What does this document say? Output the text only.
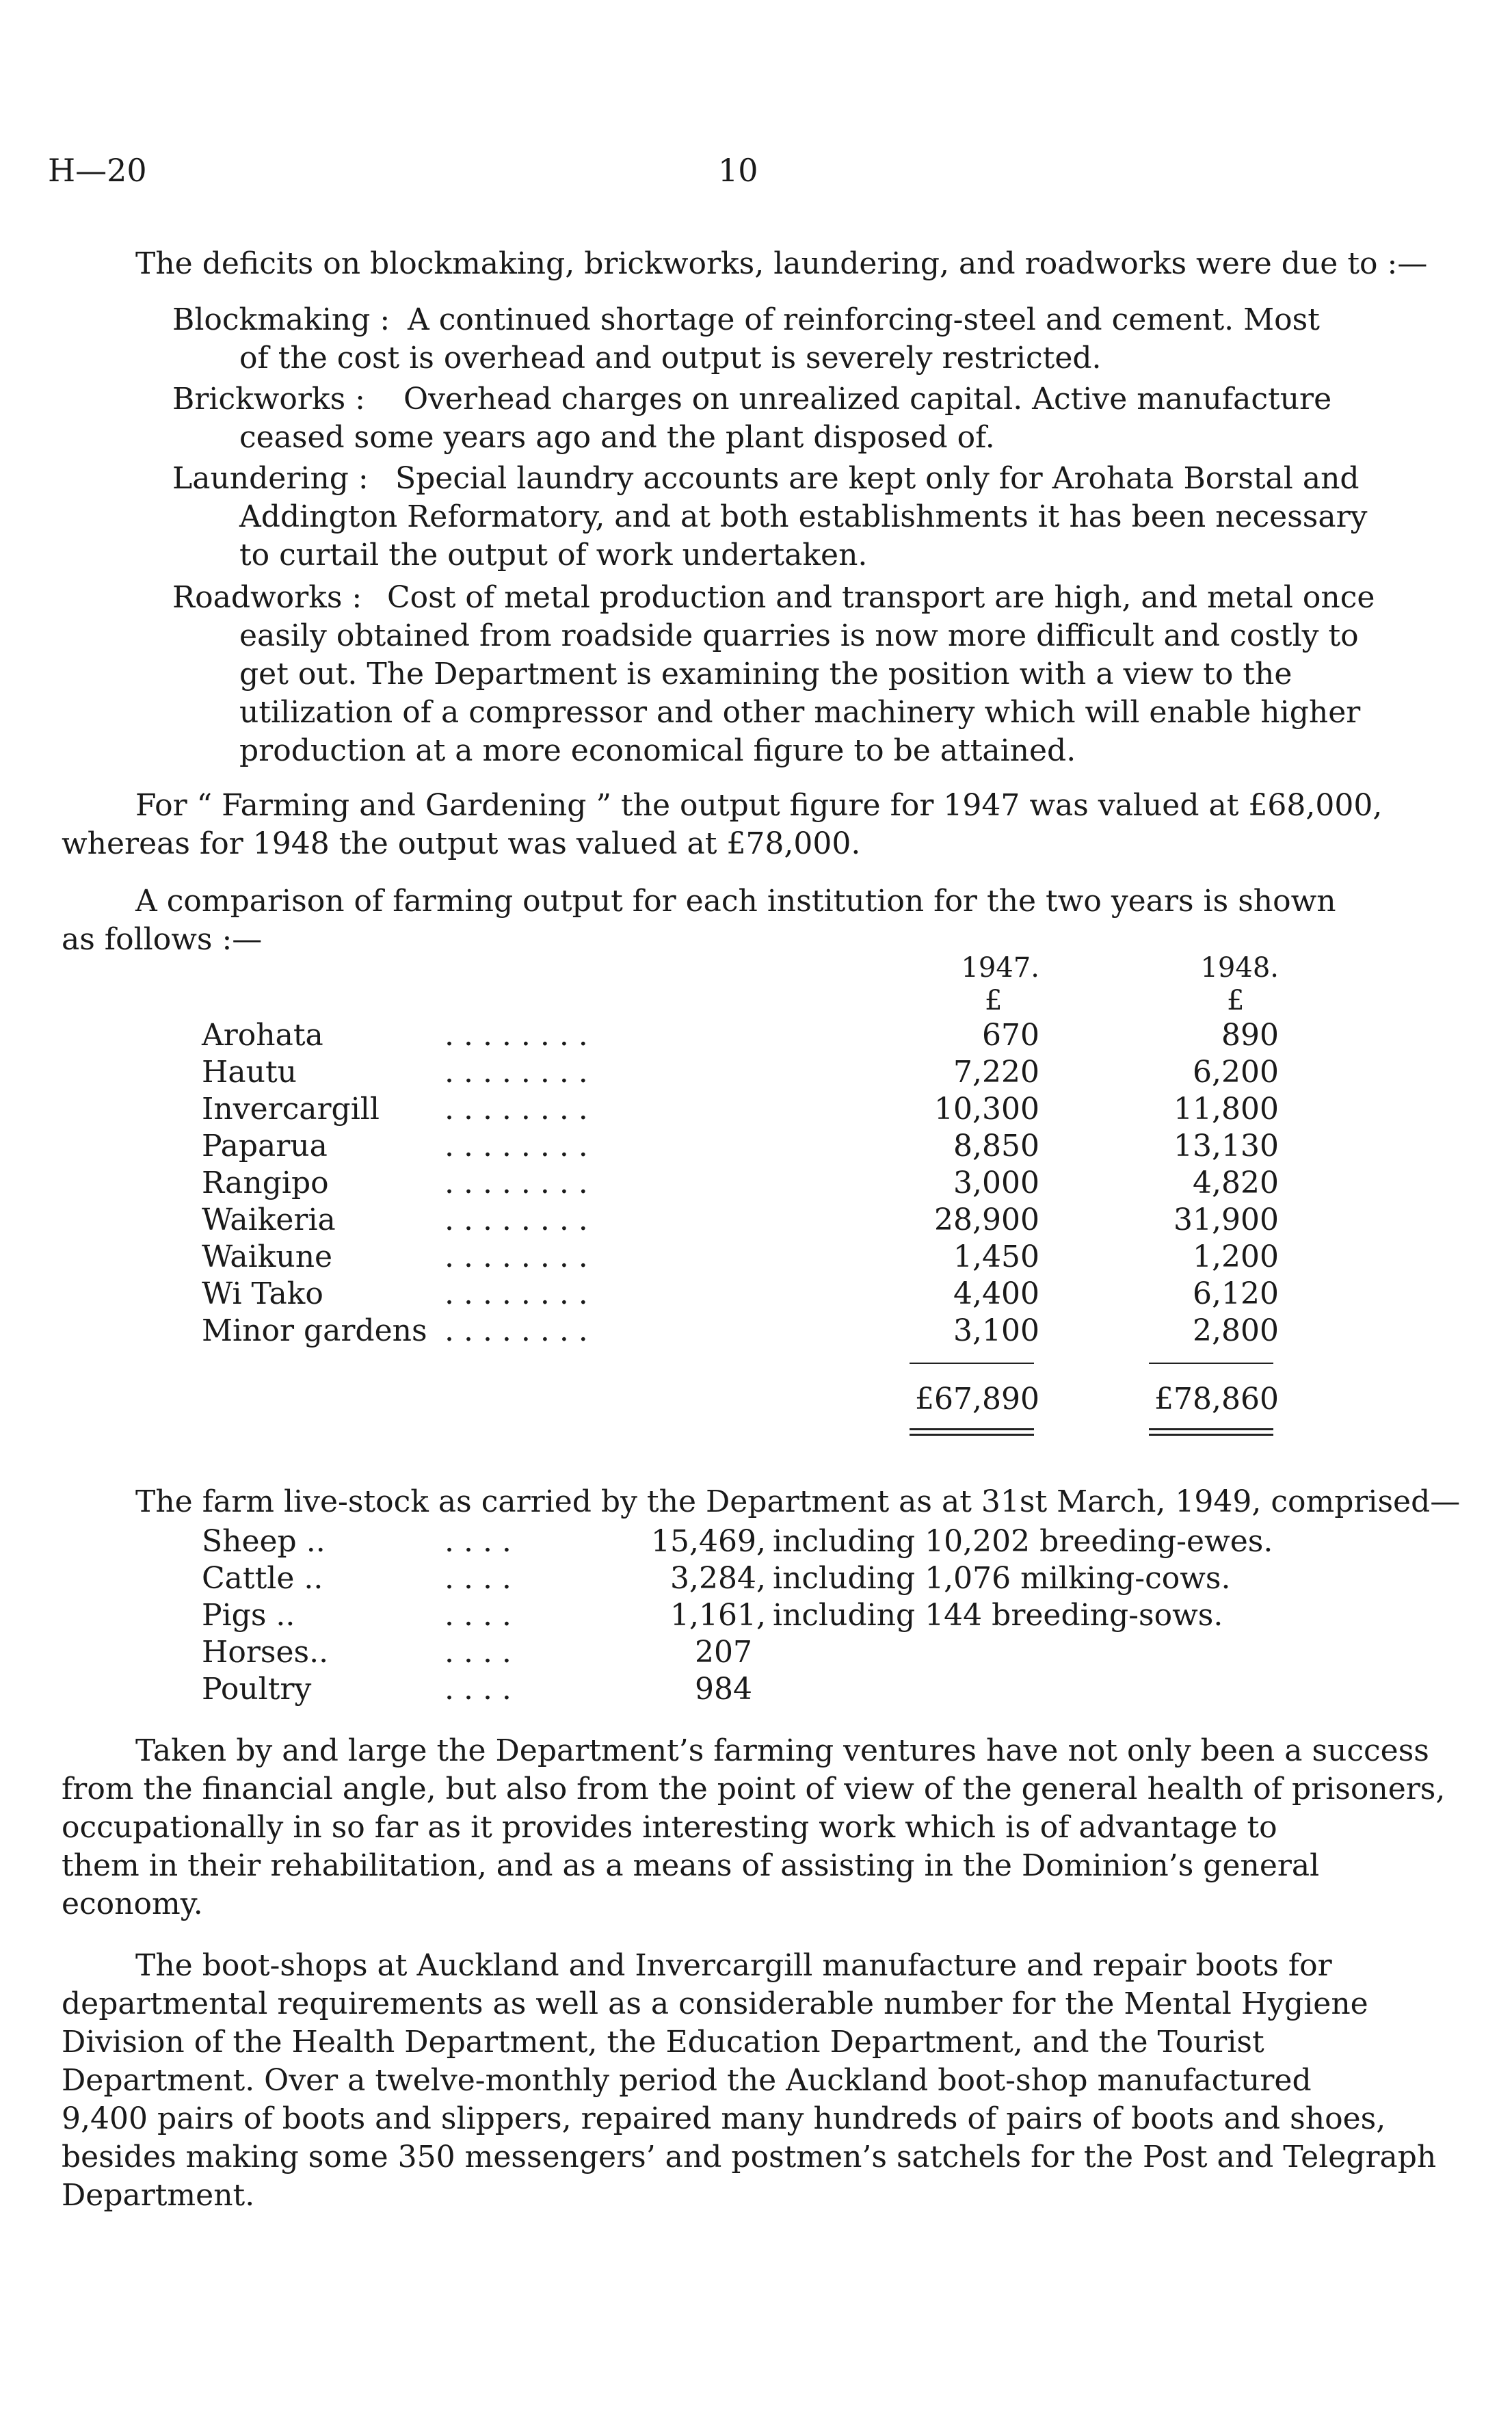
H—20	10
The deficits on blockmaking, brickworks, laundering, and roadworks were due to :—
Blockmaking : A continued shortage of reinforcing-steel and cement. Most
of the cost is overhead and output is severely restricted.
Brickworks : Overhead charges on unrealized capital. Active manufacture
ceased some years ago and the plant disposed of.
Laundering : Special laundry accounts are kept only for Arohata Borstal and
Addington Reformatory, and at both establishments it has been necessary
to curtail the output of work undertaken.
Roadworks : Cost of metal production and transport are high, and metal once
easily obtained from roadside quarries is now more difficult and costly to
get out. The Department is examining the position with a view to the
utilization of a compressor and other machinery which will enable higher
production at a more economical figure to be attained.
For “ Farming and Gardening ” the output figure for 1947 was valued at £68,000,
whereas for 1948 the output was valued at £78,000.
A comparison of farming output for each institution for the two years is shown
as follows :—
1947.	1948.
£	£
Arohata	. . . . . . . .	670	890
Hautu	. . . . . . . .	7,220	6,200
Invercargill . . . . . . . .	10,300	11,800
Paparua	. . . . . . . .	8,850	13,130
Rangipo	. . . . . . . .	3,000	4,820
Waikeria	. . . . . . . .	28,900	31,900
Waikune	. . . . . . . .	1,450	1,200
Wi Tako	. . . . . . . .	4,400	6,120
Minor gardens . . . . . . . .	3,100	2,800
£67,890	£78,860
The farm live-stock as carried by the Department as at 31st March, 1949, comprised—
Sheep ..	. . . .	15,469, including 10,202 breeding-ewes.
Cattle ..	. . . .	3,284, including 1,076 milking-cows.
Pigs ..	. . . .	1,161, including 144 breeding-sows.
Horses..	. . . .	207
Poultry	. . . .	984
Taken by and large the Department’s farming ventures have not only been a success
from the financial angle, but also from the point of view of the general health of prisoners,
occupationally in so far as it provides interesting work which is of advantage to
them in their rehabilitation, and as a means of assisting in the Dominion’s general
economy.
The boot-shops at Auckland and Invercargill manufacture and repair boots for
departmental requirements as well as a considerable number for the Mental Hygiene
Division of the Health Department, the Education Department, and the Tourist
Department. Over a twelve-monthly period the Auckland boot-shop manufactured
9,400 pairs of boots and slippers, repaired many hundreds of pairs of boots and shoes,
besides making some 350 messengers’ and postmen’s satchels for the Post and Telegraph
Department.
